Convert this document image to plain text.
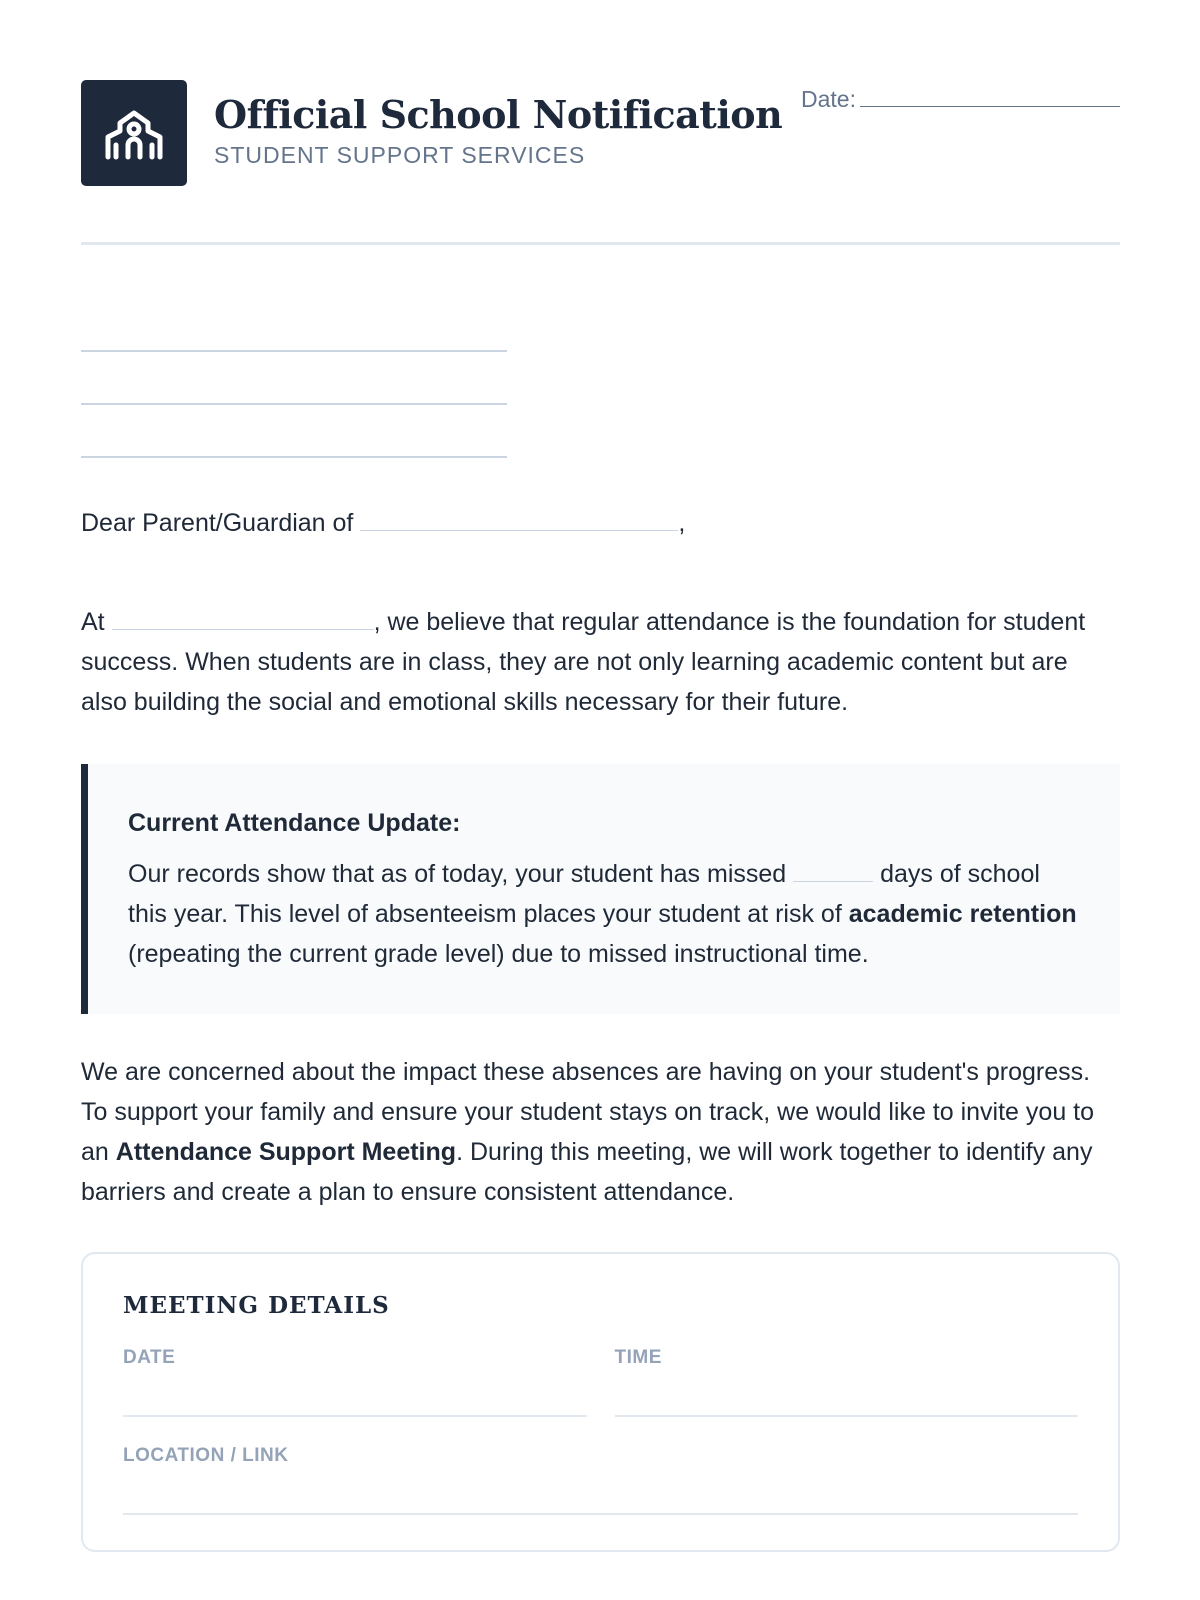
Official School Notification
STUDENT SUPPORT SERVICES
Date:

Dear Parent/Guardian of	,

At	, we believe that regular attendance is the foundation for student success. When students are in class, they are not only learning academic content but are also building the social and emotional skills necessary for their future.

Current Attendance Update:

Our records show that as of today, your student has missed	days of school this year. This level of absenteeism places your student at risk of academic retention (repeating the current grade level) due to missed instructional time.

We are concerned about the impact these absences are having on your student's progress. To support your family and ensure your student stays on track, we would like to invite you to an Attendance Support Meeting. During this meeting, we will work together to identify any barriers and create a plan to ensure consistent attendance.

MEETING DETAILS
DATE	TIME
LOCATION / LINK
